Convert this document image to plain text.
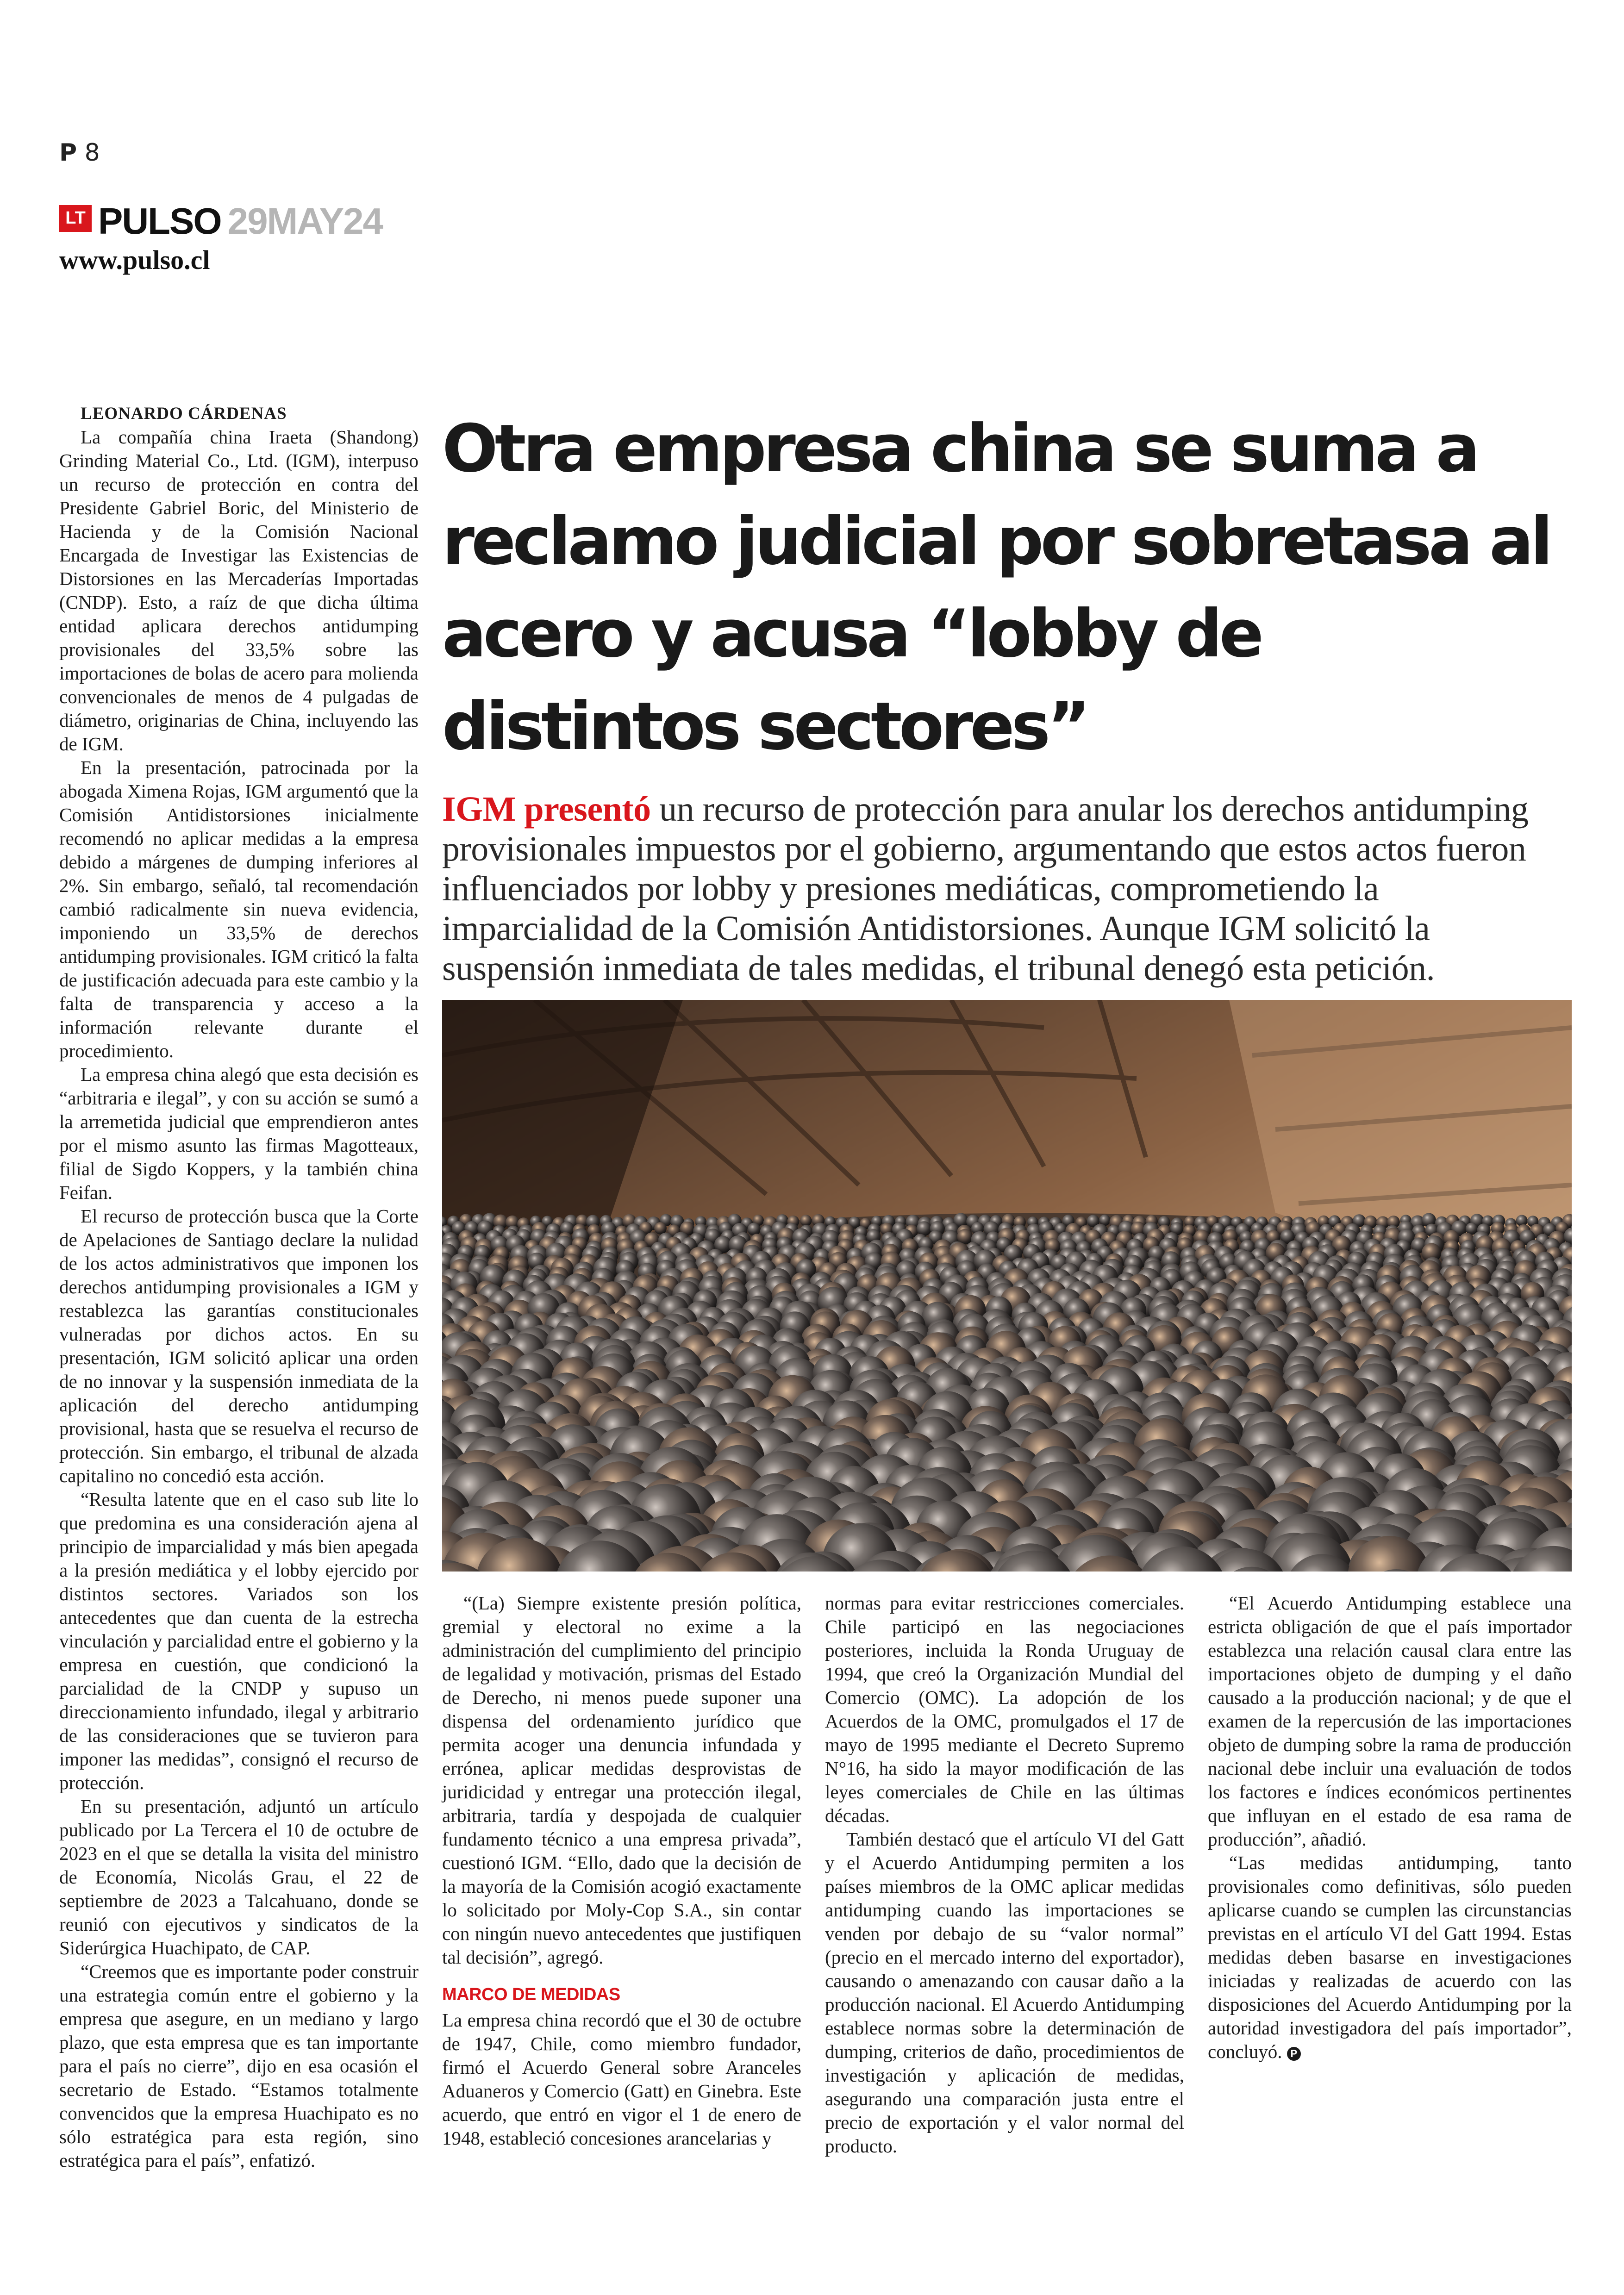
P 8
LT PULSO 29MAY24
www.pulso.cl
Otra empresa china se suma a reclamo judicial por sobretasa al acero y acusa “lobby de distintos sectores”

IGM presentó un recurso de protección para anular los derechos antidumping provisionales impuestos por el gobierno, argumentando que estos actos fueron influenciados por lobby y presiones mediáticas, comprometiendo la imparcialidad de la Comisión Antidistorsiones. Aunque IGM solicitó la suspensión inmediata de tales medidas, el tribunal denegó esta petición.

LEONARDO CÁRDENAS

La compañía china Iraeta (Shandong) Grinding Material Co., Ltd. (IGM), interpuso un recurso de protección en contra del Presidente Gabriel Boric, del Ministerio de Hacienda y de la Comisión Nacional Encargada de Investigar las Existencias de Distorsiones en las Mercaderías Importadas (CNDP). Esto, a raíz de que dicha última entidad aplicara derechos antidumping provisionales del 33,5% sobre las importaciones de bolas de acero para molienda convencionales de menos de 4 pulgadas de diámetro, originarias de China, incluyendo las de IGM.

En la presentación, patrocinada por la abogada Ximena Rojas, IGM argumentó que la Comisión Antidistorsiones inicialmente recomendó no aplicar medidas a la empresa debido a márgenes de dumping inferiores al 2%. Sin embargo, señaló, tal recomendación cambió radicalmente sin nueva evidencia, imponiendo un 33,5% de derechos antidumping provisionales. IGM criticó la falta de justificación adecuada para este cambio y la falta de transparencia y acceso a la información relevante durante el procedimiento.

La empresa china alegó que esta decisión es “arbitraria e ilegal”, y con su acción se sumó a la arremetida judicial que emprendieron antes por el mismo asunto las firmas Magotteaux, filial de Sigdo Koppers, y la también china Feifan.

El recurso de protección busca que la Corte de Apelaciones de Santiago declare la nulidad de los actos administrativos que imponen los derechos antidumping provisionales a IGM y restablezca las garantías constitucionales vulneradas por dichos actos. En su presentación, IGM solicitó aplicar una orden de no innovar y la suspensión inmediata de la aplicación del derecho antidumping provisional, hasta que se resuelva el recurso de protección. Sin embargo, el tribunal de alzada capitalino no concedió esta acción.

“Resulta latente que en el caso sub lite lo que predomina es una consideración ajena al principio de imparcialidad y más bien apegada a la presión mediática y el lobby ejercido por distintos sectores. Variados son los antecedentes que dan cuenta de la estrecha vinculación y parcialidad entre el gobierno y la empresa en cuestión, que condicionó la parcialidad de la CNDP y supuso un direccionamiento infundado, ilegal y arbitrario de las consideraciones que se tuvieron para imponer las medidas”, consignó el recurso de protección.

En su presentación, adjuntó un artículo publicado por La Tercera el 10 de octubre de 2023 en el que se detalla la visita del ministro de Economía, Nicolás Grau, el 22 de septiembre de 2023 a Talcahuano, donde se reunió con ejecutivos y sindicatos de la Siderúrgica Huachipato, de CAP.

“Creemos que es importante poder construir una estrategia común entre el gobierno y la empresa que asegure, en un mediano y largo plazo, que esta empresa que es tan importante para el país no cierre”, dijo en esa ocasión el secretario de Estado. “Estamos totalmente convencidos que la empresa Huachipato es no sólo estratégica para esta región, sino estratégica para el país”, enfatizó.

“(La) Siempre existente presión política, gremial y electoral no exime a la administración del cumplimiento del principio de legalidad y motivación, prismas del Estado de Derecho, ni menos puede suponer una dispensa del ordenamiento jurídico que permita acoger una denuncia infundada y errónea, aplicar medidas desprovistas de juridicidad y entregar una protección ilegal, arbitraria, tardía y despojada de cualquier fundamento técnico a una empresa privada”, cuestionó IGM. “Ello, dado que la decisión de la mayoría de la Comisión acogió exactamente lo solicitado por Moly-Cop S.A., sin contar con ningún nuevo antecedentes que justifiquen tal decisión”, agregó.

MARCO DE MEDIDAS

La empresa china recordó que el 30 de octubre de 1947, Chile, como miembro fundador, firmó el Acuerdo General sobre Aranceles Aduaneros y Comercio (Gatt) en Ginebra. Este acuerdo, que entró en vigor el 1 de enero de 1948, estableció concesiones arancelarias y

normas para evitar restricciones comerciales. Chile participó en las negociaciones posteriores, incluida la Ronda Uruguay de 1994, que creó la Organización Mundial del Comercio (OMC). La adopción de los Acuerdos de la OMC, promulgados el 17 de mayo de 1995 mediante el Decreto Supremo N°16, ha sido la mayor modificación de las leyes comerciales de Chile en las últimas décadas.

También destacó que el artículo VI del Gatt y el Acuerdo Antidumping permiten a los países miembros de la OMC aplicar medidas antidumping cuando las importaciones se venden por debajo de su “valor normal” (precio en el mercado interno del exportador), causando o amenazando con causar daño a la producción nacional. El Acuerdo Antidumping establece normas sobre la determinación de dumping, criterios de daño, procedimientos de investigación y aplicación de medidas, asegurando una comparación justa entre el precio de exportación y el valor normal del producto.

“El Acuerdo Antidumping establece una estricta obligación de que el país importador establezca una relación causal clara entre las importaciones objeto de dumping y el daño causado a la producción nacional; y de que el examen de la repercusión de las importaciones objeto de dumping sobre la rama de producción nacional debe incluir una evaluación de todos los factores e índices económicos pertinentes que influyan en el estado de esa rama de producción”, añadió.

“Las medidas antidumping, tanto provisionales como definitivas, sólo pueden aplicarse cuando se cumplen las circunstancias previstas en el artículo VI del Gatt 1994. Estas medidas deben basarse en investigaciones iniciadas y realizadas de acuerdo con las disposiciones del Acuerdo Antidumping por la autoridad investigadora del país importador”, concluyó. P
